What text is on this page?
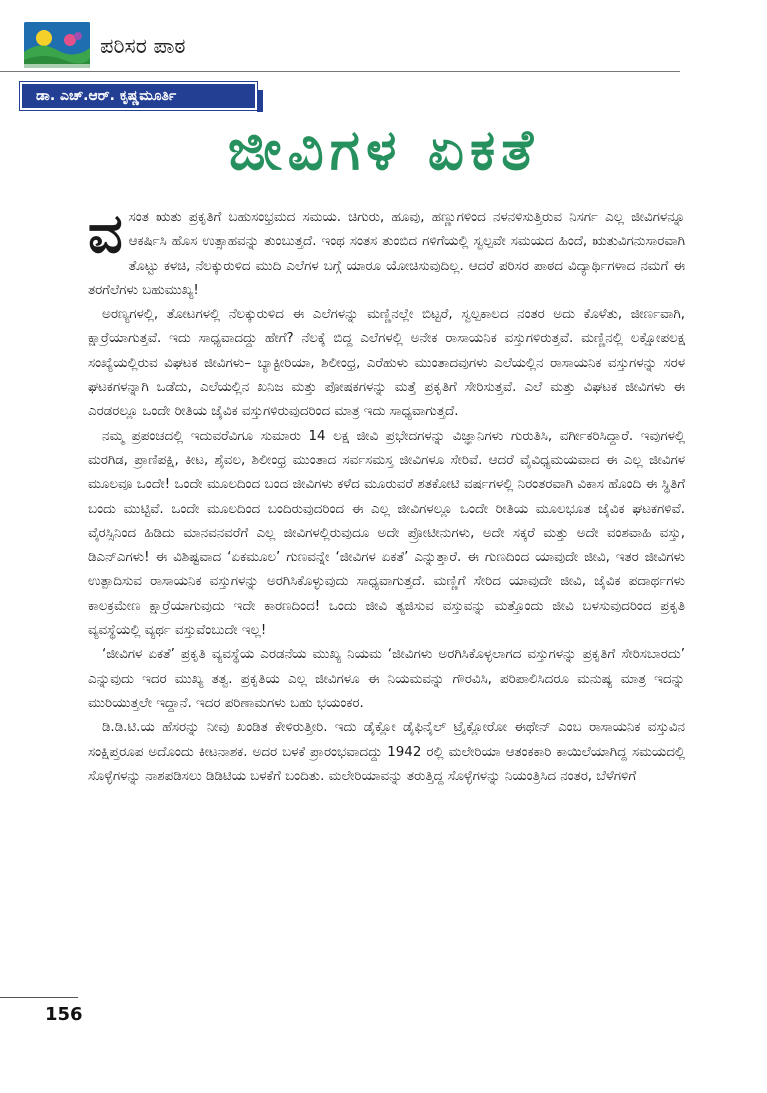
ಪರಿಸರ ಪಾಠ
ಡಾ. ಎಚ್.ಆರ್. ಕೃಷ್ಣಮೂರ್ತಿ
ಜೀವಿಗಳ ಏಕತೆ

ವಸಂತ ಋತು ಪ್ರಕೃತಿಗೆ ಬಹುಸಂಭ್ರಮದ ಸಮಯ. ಚಿಗುರು, ಹೂವು, ಹಣ್ಣುಗಳಿಂದ ನಳನಳಿಸುತ್ತಿರುವ ನಿಸರ್ಗ ಎಲ್ಲ ಜೀವಿಗಳನ್ನೂ ಆಕರ್ಷಿಸಿ ಹೊಸ ಉತ್ಸಾಹವನ್ನು ತುಂಬುತ್ತದೆ. ಇಂಥ ಸಂತಸ ತುಂಬಿದ ಗಳಿಗೆಯಲ್ಲಿ ಸ್ವಲ್ಪವೇ ಸಮಯದ ಹಿಂದೆ, ಋತುವಿಗನುಸಾರವಾಗಿ ತೊಟ್ಟು ಕಳಚಿ, ನೆಲಕ್ಕುರುಳಿದ ಮುದಿ ಎಲೆಗಳ ಬಗ್ಗೆ ಯಾರೂ ಯೋಚಿಸುವುದಿಲ್ಲ. ಆದರೆ ಪರಿಸರ ಪಾಠದ ವಿದ್ಯಾರ್ಥಿಗಳಾದ ನಮಗೆ ಈ ತರಗೆಲೆಗಳು ಬಹುಮುಖ್ಯ!

ಅರಣ್ಯಗಳಲ್ಲಿ, ತೋಟಗಳಲ್ಲಿ ನೆಲಕ್ಕುರುಳಿದ ಈ ಎಲೆಗಳನ್ನು ಮಣ್ಣಿನಲ್ಲೇ ಬಿಟ್ಟರೆ, ಸ್ವಲ್ಪಕಾಲದ ನಂತರ ಅದು ಕೊಳೆತು, ಜೀರ್ಣವಾಗಿ, ಕ್ಷಾರ್ರೆಯಾಗುತ್ತವೆ. ಇದು ಸಾಧ್ಯವಾದದ್ದು ಹೇಗೆ? ನೆಲಕ್ಕೆ ಬಿದ್ದ ಎಲೆಗಳಲ್ಲಿ ಅನೇಕ ರಾಸಾಯನಿಕ ವಸ್ತುಗಳಿರುತ್ತವೆ. ಮಣ್ಣಿನಲ್ಲಿ ಲಕ್ಷೋಪಲಕ್ಷ ಸಂಖ್ಯೆಯಲ್ಲಿರುವ ವಿಘಟಕ ಜೀವಿಗಳು– ಬ್ಯಾಕ್ಟೀರಿಯಾ, ಶಿಲೀಂಧ್ರ, ಎರೆಹುಳು ಮುಂತಾದವುಗಳು ಎಲೆಯಲ್ಲಿನ ರಾಸಾಯನಿಕ ವಸ್ತುಗಳನ್ನು ಸರಳ ಘಟಕಗಳನ್ನಾಗಿ ಒಡೆದು, ಎಲೆಯಲ್ಲಿನ ಖನಿಜ ಮತ್ತು ಪೋಷಕಗಳನ್ನು ಮತ್ತೆ ಪ್ರಕೃತಿಗೆ ಸೇರಿಸುತ್ತವೆ. ಎಲೆ ಮತ್ತು ವಿಘಟಕ ಜೀವಿಗಳು ಈ ಎರಡರಲ್ಲೂ ಒಂದೇ ರೀತಿಯ ಜೈವಿಕ ವಸ್ತುಗಳಿರುವುದರಿಂದ ಮಾತ್ರ ಇದು ಸಾಧ್ಯವಾಗುತ್ತದೆ.

ನಮ್ಮ ಪ್ರಪಂಚದಲ್ಲಿ ಇದುವರೆವಿಗೂ ಸುಮಾರು 14 ಲಕ್ಷ ಜೀವಿ ಪ್ರಭೇದಗಳನ್ನು ವಿಜ್ಞಾನಿಗಳು ಗುರುತಿಸಿ, ವರ್ಗೀಕರಿಸಿದ್ದಾರೆ. ಇವುಗಳಲ್ಲಿ ಮರಗಿಡ, ಪ್ರಾಣಿಪಕ್ಷಿ, ಕೀಟ, ಶೈವಲ, ಶಿಲೀಂಧ್ರ ಮುಂತಾದ ಸರ್ವಸಮಸ್ತ ಜೀವಿಗಳೂ ಸೇರಿವೆ. ಆದರೆ ವೈವಿಧ್ಯಮಯವಾದ ಈ ಎಲ್ಲ ಜೀವಿಗಳ ಮೂಲವೂ ಒಂದೇ! ಒಂದೇ ಮೂಲದಿಂದ ಬಂದ ಜೀವಿಗಳು ಕಳೆದ ಮೂರುವರೆ ಶತಕೋಟಿ ವರ್ಷಗಳಲ್ಲಿ ನಿರಂತರವಾಗಿ ವಿಕಾಸ ಹೊಂದಿ ಈ ಸ್ಥಿತಿಗೆ ಬಂದು ಮುಟ್ಟಿವೆ. ಒಂದೇ ಮೂಲದಿಂದ ಬಂದಿರುವುದರಿಂದ ಈ ಎಲ್ಲ ಜೀವಿಗಳಲ್ಲೂ ಒಂದೇ ರೀತಿಯ ಮೂಲಭೂತ ಜೈವಿಕ ಘಟಕಗಳಿವೆ. ವೈರಸ್ಸಿನಿಂದ ಹಿಡಿದು ಮಾನವನವರೆಗೆ ಎಲ್ಲ ಜೀವಿಗಳಲ್ಲಿರುವುದೂ ಅದೇ ಪ್ರೋಟೀನುಗಳು, ಅದೇ ಸಕ್ಕರೆ ಮತ್ತು ಅದೇ ವಂಶವಾಹಿ ವಸ್ತು, ಡಿಎನ್‌ಎಗಳು! ಈ ವಿಶಿಷ್ಟವಾದ ‘ಏಕಮೂಲ’ ಗುಣವನ್ನೇ ‘ಜೀವಿಗಳ ಏಕತೆ’ ಎನ್ನುತ್ತಾರೆ. ಈ ಗುಣದಿಂದ ಯಾವುದೇ ಜೀವಿ, ಇತರ ಜೀವಿಗಳು ಉತ್ಪಾದಿಸುವ ರಾಸಾಯನಿಕ ವಸ್ತುಗಳನ್ನು ಅರಗಿಸಿಕೊಳ್ಳುವುದು ಸಾಧ್ಯವಾಗುತ್ತದೆ. ಮಣ್ಣಿಗೆ ಸೇರಿದ ಯಾವುದೇ ಜೀವಿ, ಜೈವಿಕ ಪದಾರ್ಥಗಳು ಕಾಲಕ್ರಮೇಣ ಕ್ಷಾರ್ರೆಯಾಗುವುದು ಇದೇ ಕಾರಣದಿಂದ! ಒಂದು ಜೀವಿ ತ್ಯಜಿಸುವ ವಸ್ತುವನ್ನು ಮತ್ತೊಂದು ಜೀವಿ ಬಳಸುವುದರಿಂದ ಪ್ರಕೃತಿ ವ್ಯವಸ್ಥೆಯಲ್ಲಿ ವ್ಯರ್ಥ ವಸ್ತುವೆಂಬುದೇ ಇಲ್ಲ!

‘ಜೀವಿಗಳ ಏಕತೆ’ ಪ್ರಕೃತಿ ವ್ಯವಸ್ಥೆಯ ಎರಡನೆಯ ಮುಖ್ಯ ನಿಯಮ ‘ಜೀವಿಗಳು ಅರಗಿಸಿಕೊಳ್ಳಲಾಗದ ವಸ್ತುಗಳನ್ನು ಪ್ರಕೃತಿಗೆ ಸೇರಿಸಬಾರದು’ ಎನ್ನುವುದು ಇದರ ಮುಖ್ಯ ತತ್ವ. ಪ್ರಕೃತಿಯ ಎಲ್ಲ ಜೀವಿಗಳೂ ಈ ನಿಯಮವನ್ನು ಗೌರವಿಸಿ, ಪರಿಪಾಲಿಸಿದರೂ ಮನುಷ್ಯ ಮಾತ್ರ ಇದನ್ನು ಮುರಿಯುತ್ತಲೇ ಇದ್ದಾನೆ. ಇದರ ಪರಿಣಾಮಗಳು ಬಹು ಭಯಂಕರ.

ಡಿ.ಡಿ.ಟಿ.ಯ ಹೆಸರನ್ನು ನೀವು ಖಂಡಿತ ಕೇಳಿರುತ್ತೀರಿ. ಇದು ಡೈಕ್ಲೋ ಡೈಫಿನೈಲ್ ಟ್ರೈಕ್ಲೋರೋ ಈಥೇನ್ ಎಂಬ ರಾಸಾಯನಿಕ ವಸ್ತುವಿನ ಸಂಕ್ಷಿಪ್ತರೂಪ ಅದೊಂದು ಕೀಟನಾಶಕ. ಅದರ ಬಳಕೆ ಪ್ರಾರಂಭವಾದದ್ದು 1942 ರಲ್ಲಿ ಮಲೇರಿಯಾ ಆತಂಕಕಾರಿ ಕಾಯಿಲೆಯಾಗಿದ್ದ ಸಮಯದಲ್ಲಿ ಸೊಳ್ಳೆಗಳನ್ನು ನಾಶಪಡಿಸಲು ಡಿಡಿಟಿಯ ಬಳಕೆಗೆ ಬಂದಿತು. ಮಲೇರಿಯಾವನ್ನು ತರುತ್ತಿದ್ದ ಸೊಳ್ಳೆಗಳನ್ನು ನಿಯಂತ್ರಿಸಿದ ನಂತರ, ಬೆಳೆಗಳಿಗೆ

156
